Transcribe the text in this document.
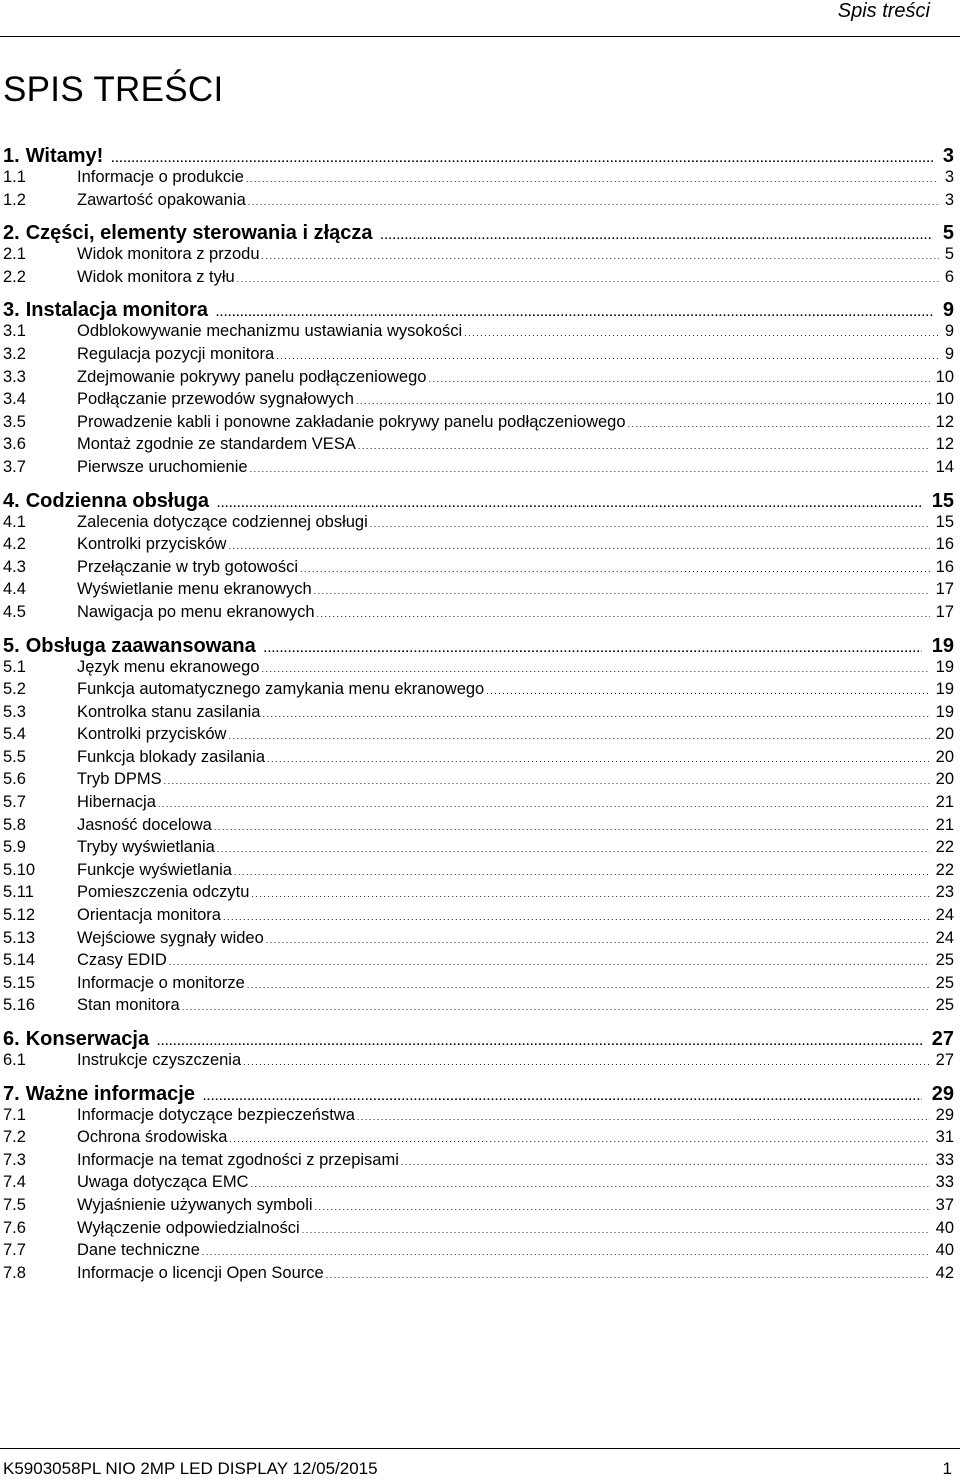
Spis treści
SPIS TREŚCI
1. Witamy! .....	3
1.1	Informacje o produkcie .....	3
1.2	Zawartość opakowania .....	3
2. Części, elementy sterowania i złącza .....	5
2.1	Widok monitora z przodu .....	5
2.2	Widok monitora z tyłu .....	6
3. Instalacja monitora .....	9
3.1	Odblokowywanie mechanizmu ustawiania wysokości .....	9
3.2	Regulacja pozycji monitora .....	9
3.3	Zdejmowanie pokrywy panelu podłączeniowego .....	10
3.4	Podłączanie przewodów sygnałowych .....	10
3.5	Prowadzenie kabli i ponowne zakładanie pokrywy panelu podłączeniowego .....	12
3.6	Montaż zgodnie ze standardem VESA .....	12
3.7	Pierwsze uruchomienie .....	14
4. Codzienna obsługa .....	15
4.1	Zalecenia dotyczące codziennej obsługi .....	15
4.2	Kontrolki przycisków .....	16
4.3	Przełączanie w tryb gotowości .....	16
4.4	Wyświetlanie menu ekranowych .....	17
4.5	Nawigacja po menu ekranowych .....	17
5. Obsługa zaawansowana .....	19
5.1	Język menu ekranowego .....	19
5.2	Funkcja automatycznego zamykania menu ekranowego .....	19
5.3	Kontrolka stanu zasilania .....	19
5.4	Kontrolki przycisków .....	20
5.5	Funkcja blokady zasilania .....	20
5.6	Tryb DPMS .....	20
5.7	Hibernacja .....	21
5.8	Jasność docelowa .....	21
5.9	Tryby wyświetlania .....	22
5.10	Funkcje wyświetlania .....	22
5.11	Pomieszczenia odczytu .....	23
5.12	Orientacja monitora .....	24
5.13	Wejściowe sygnały wideo .....	24
5.14	Czasy EDID .....	25
5.15	Informacje o monitorze .....	25
5.16	Stan monitora .....	25
6. Konserwacja .....	27
6.1	Instrukcje czyszczenia .....	27
7. Ważne informacje .....	29
7.1	Informacje dotyczące bezpieczeństwa .....	29
7.2	Ochrona środowiska .....	31
7.3	Informacje na temat zgodności z przepisami .....	33
7.4	Uwaga dotycząca EMC .....	33
7.5	Wyjaśnienie używanych symboli .....	37
7.6	Wyłączenie odpowiedzialności .....	40
7.7	Dane techniczne .....	40
7.8	Informacje o licencji Open Source .....	42
K5903058PL NIO 2MP LED DISPLAY 12/05/2015	1
